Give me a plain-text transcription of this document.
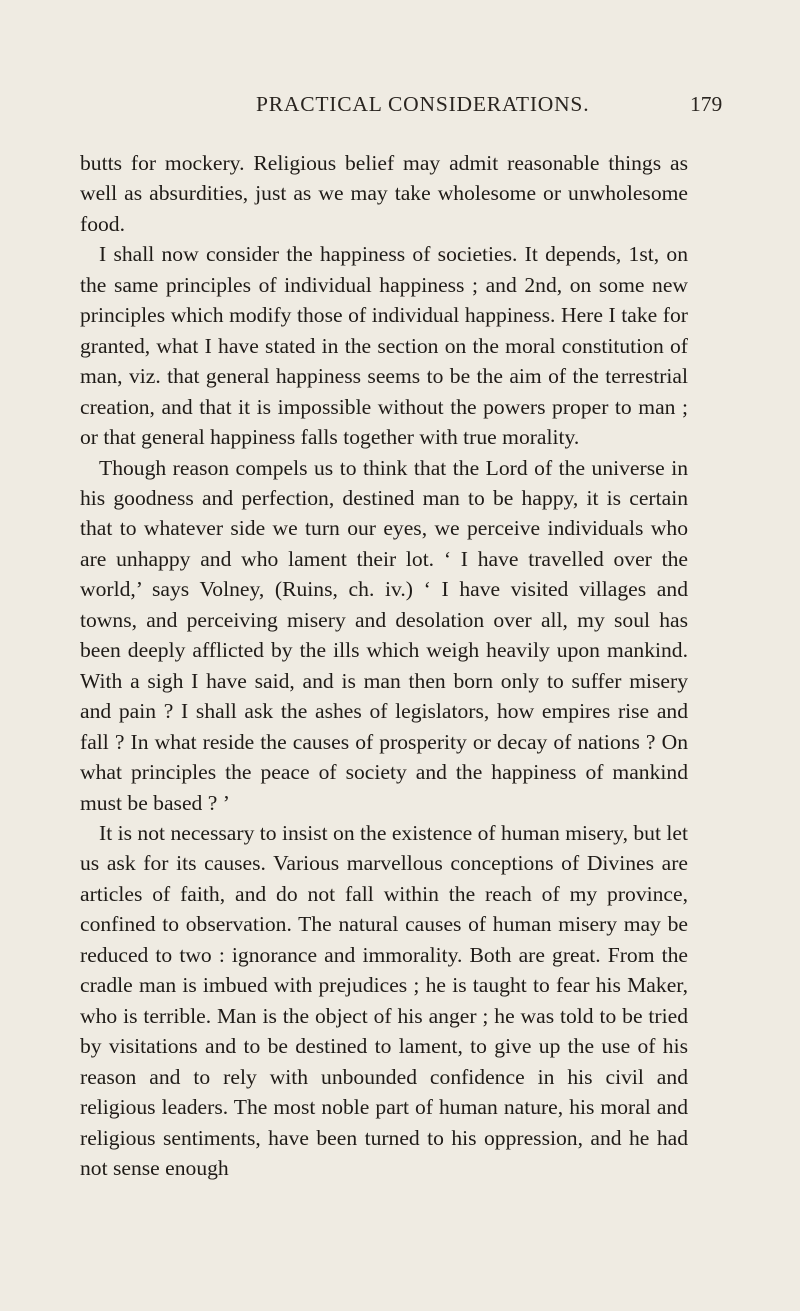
PRACTICAL CONSIDERATIONS.	179

butts for mockery. Religious belief may admit reasonable things as well as absurdities, just as we may take wholesome or unwholesome food.

I shall now consider the happiness of societies. It depends, 1st, on the same principles of individual happiness ; and 2nd, on some new principles which modify those of individual happiness. Here I take for granted, what I have stated in the section on the moral constitution of man, viz. that general happiness seems to be the aim of the terrestrial creation, and that it is impossible without the powers proper to man ; or that general happiness falls together with true morality.

Though reason compels us to think that the Lord of the universe in his goodness and perfection, destined man to be happy, it is certain that to whatever side we turn our eyes, we perceive individuals who are unhappy and who lament their lot. ‘ I have travelled over the world,’ says Volney, (Ruins, ch. iv.) ‘ I have visited villages and towns, and perceiving misery and desolation over all, my soul has been deeply afflicted by the ills which weigh heavily upon mankind. With a sigh I have said, and is man then born only to suffer misery and pain ? I shall ask the ashes of legislators, how empires rise and fall ? In what reside the causes of prosperity or decay of nations ? On what principles the peace of society and the happiness of mankind must be based ? ’

It is not necessary to insist on the existence of human misery, but let us ask for its causes. Various marvellous conceptions of Divines are articles of faith, and do not fall within the reach of my province, confined to observation. The natural causes of human misery may be reduced to two : ignorance and immorality. Both are great. From the cradle man is imbued with prejudices ; he is taught to fear his Maker, who is terrible. Man is the object of his anger ; he was told to be tried by visitations and to be destined to lament, to give up the use of his reason and to rely with unbounded confidence in his civil and religious leaders. The most noble part of human nature, his moral and religious sentiments, have been turned to his oppression, and he had not sense enough
